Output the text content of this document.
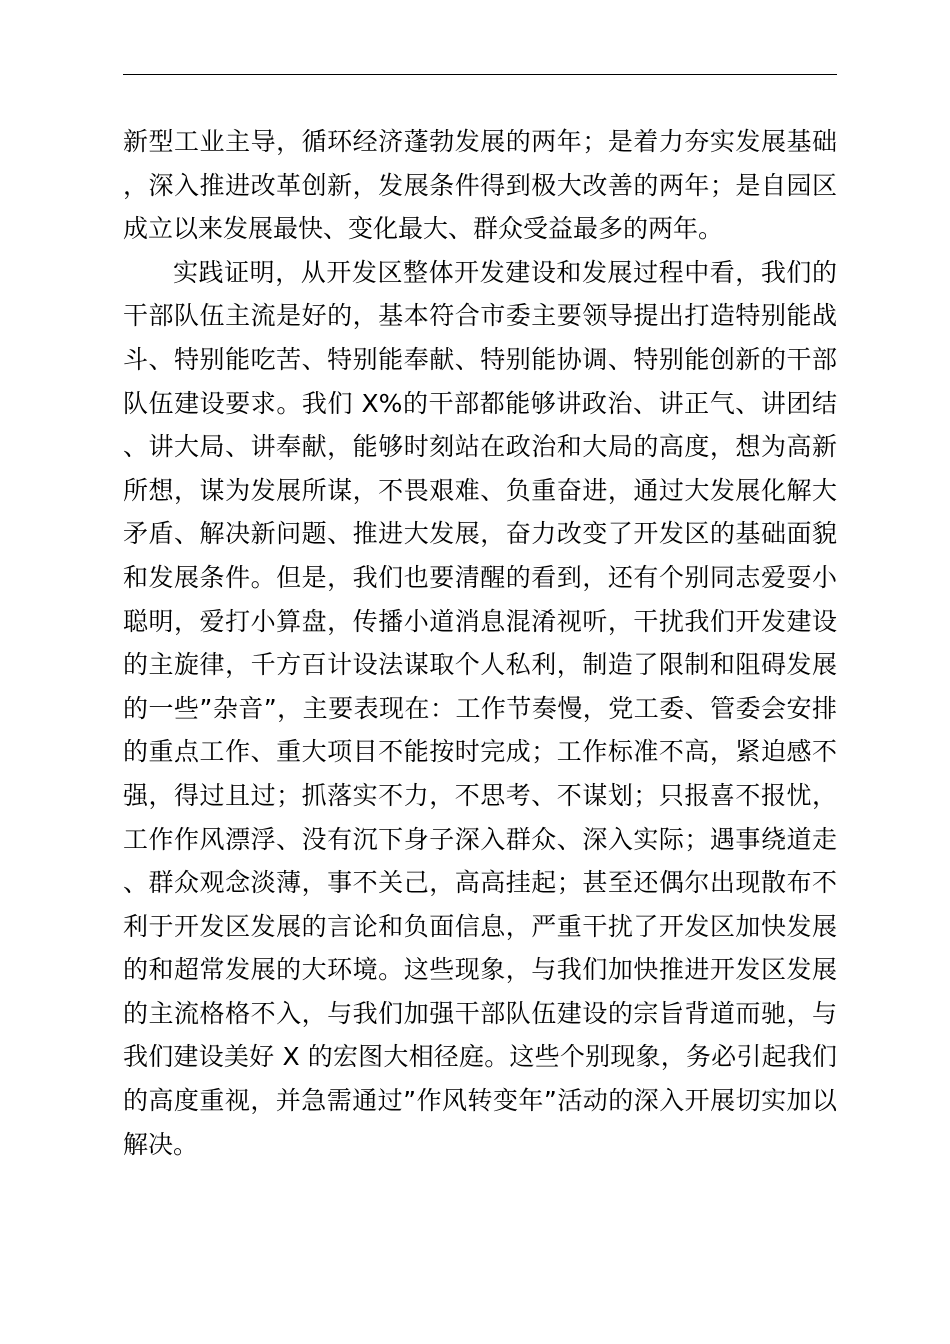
新型工业主导，循环经济蓬勃发展的两年；是着力夯实发展基础，深入推进改革创新，发展条件得到极大改善的两年；是自园区成立以来发展最快、变化最大、群众受益最多的两年。

实践证明，从开发区整体开发建设和发展过程中看，我们的干部队伍主流是好的，基本符合市委主要领导提出打造特别能战斗、特别能吃苦、特别能奉献、特别能协调、特别能创新的干部队伍建设要求。我们 X%的干部都能够讲政治、讲正气、讲团结、讲大局、讲奉献，能够时刻站在政治和大局的高度，想为高新所想，谋为发展所谋，不畏艰难、负重奋进，通过大发展化解大矛盾、解决新问题、推进大发展，奋力改变了开发区的基础面貌和发展条件。但是，我们也要清醒的看到，还有个别同志爱耍小聪明，爱打小算盘，传播小道消息混淆视听，干扰我们开发建设的主旋律，千方百计设法谋取个人私利，制造了限制和阻碍发展的一些”杂音”，主要表现在：工作节奏慢，党工委、管委会安排的重点工作、重大项目不能按时完成；工作标准不高，紧迫感不强，得过且过；抓落实不力，不思考、不谋划；只报喜不报忧，工作作风漂浮、没有沉下身子深入群众、深入实际；遇事绕道走、群众观念淡薄，事不关己，高高挂起；甚至还偶尔出现散布不利于开发区发展的言论和负面信息，严重干扰了开发区加快发展的和超常发展的大环境。这些现象，与我们加快推进开发区发展的主流格格不入，与我们加强干部队伍建设的宗旨背道而驰，与我们建设美好 X 的宏图大相径庭。这些个别现象，务必引起我们的高度重视，并急需通过”作风转变年”活动的深入开展切实加以解决。
